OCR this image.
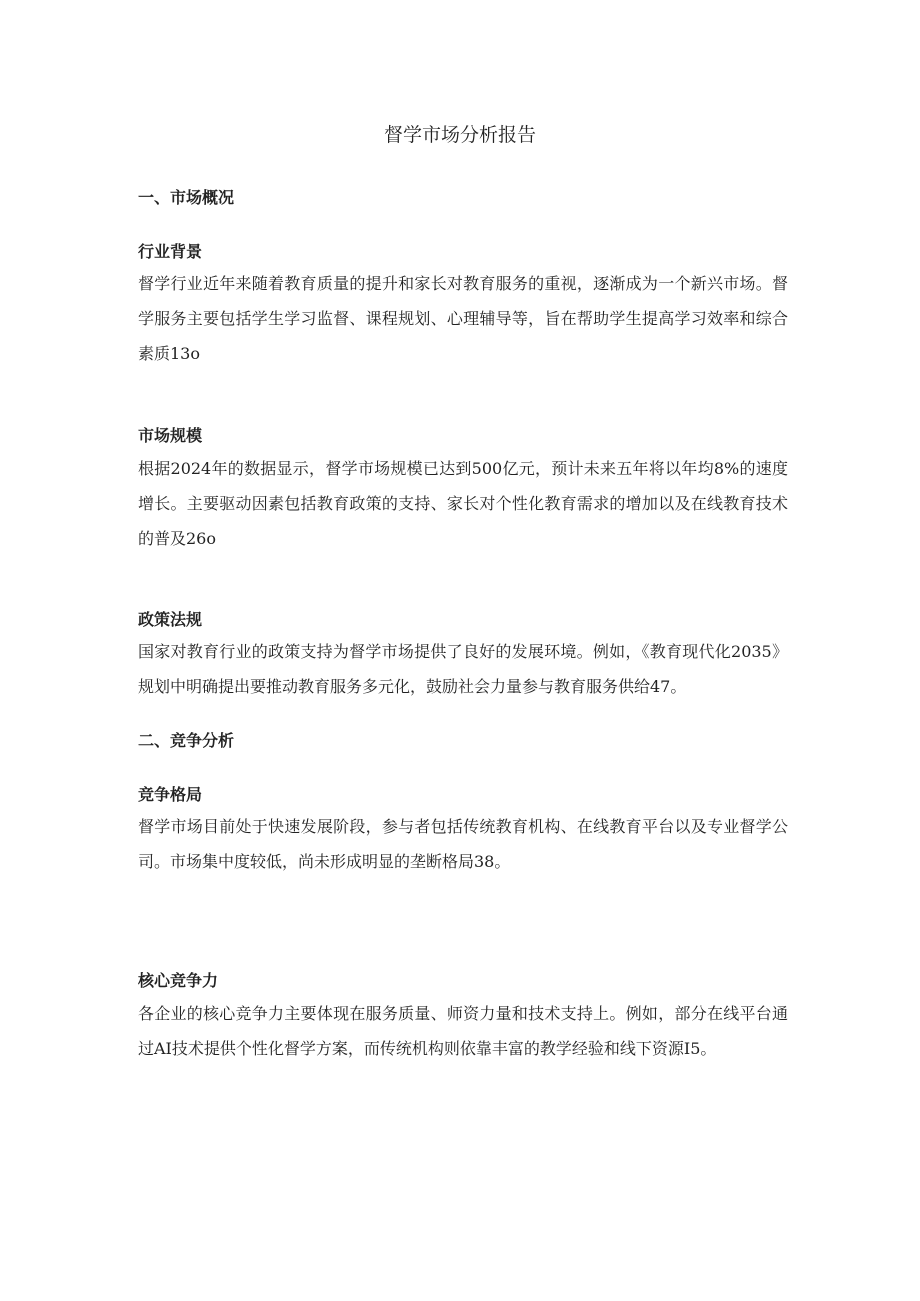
督学市场分析报告
一、市场概况
行业背景

督学行业近年来随着教育质量的提升和家长对教育服务的重视，逐渐成为一个新兴市场。督学服务主要包括学生学习监督、课程规划、心理辅导等，旨在帮助学生提高学习效率和综合素质13o

市场规模

根据2024年的数据显示，督学市场规模已达到500亿元，预计未来五年将以年均8%的速度增长。主要驱动因素包括教育政策的支持、家长对个性化教育需求的增加以及在线教育技术的普及26o

政策法规

国家对教育行业的政策支持为督学市场提供了良好的发展环境。例如，《教育现代化2035》规划中明确提出要推动教育服务多元化，鼓励社会力量参与教育服务供给47。

二、竞争分析
竞争格局

督学市场目前处于快速发展阶段，参与者包括传统教育机构、在线教育平台以及专业督学公司。市场集中度较低，尚未形成明显的垄断格局38。

核心竞争力

各企业的核心竞争力主要体现在服务质量、师资力量和技术支持上。例如，部分在线平台通过AI技术提供个性化督学方案，而传统机构则依靠丰富的教学经验和线下资源I5。
